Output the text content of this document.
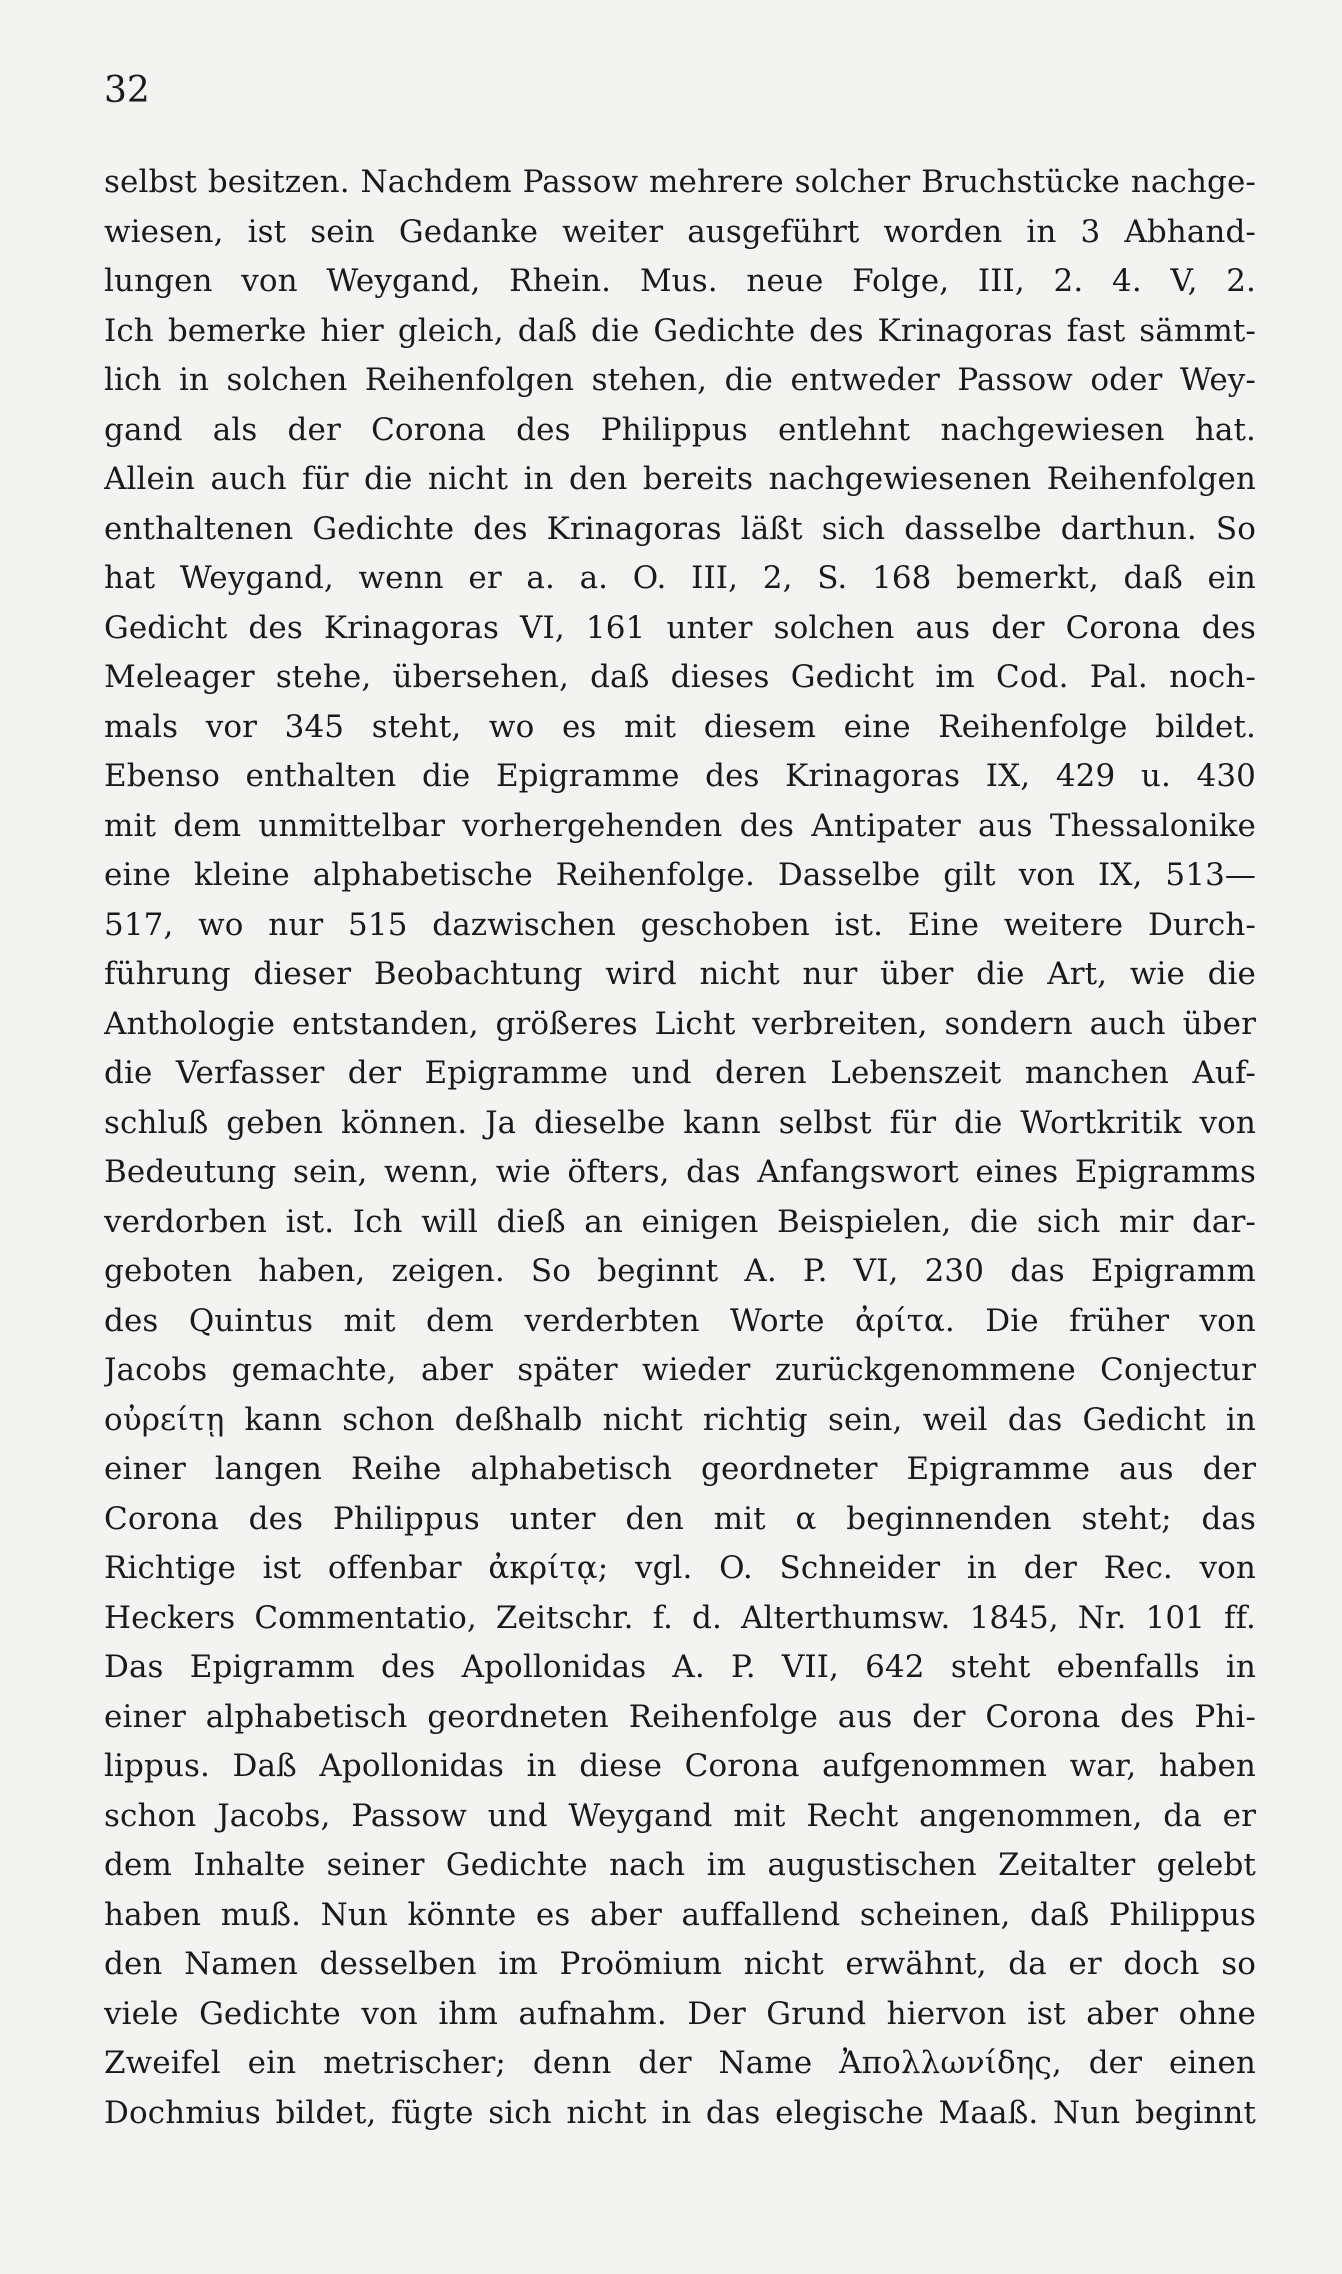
32

selbst besitzen. Nachdem Passow mehrere solcher Bruchstücke nachge-
wiesen, ist sein Gedanke weiter ausgeführt worden in 3 Abhand-
lungen von Weygand, Rhein. Mus. neue Folge, III, 2. 4. V, 2.
Ich bemerke hier gleich, daß die Gedichte des Krinagoras fast sämmt-
lich in solchen Reihenfolgen stehen, die entweder Passow oder Wey-
gand als der Corona des Philippus entlehnt nachgewiesen hat.
Allein auch für die nicht in den bereits nachgewiesenen Reihenfolgen
enthaltenen Gedichte des Krinagoras läßt sich dasselbe darthun. So
hat Weygand, wenn er a. a. O. III, 2, S. 168 bemerkt, daß ein
Gedicht des Krinagoras VI, 161 unter solchen aus der Corona des
Meleager stehe, übersehen, daß dieses Gedicht im Cod. Pal. noch-
mals vor 345 steht, wo es mit diesem eine Reihenfolge bildet.
Ebenso enthalten die Epigramme des Krinagoras IX, 429 u. 430
mit dem unmittelbar vorhergehenden des Antipater aus Thessalonike
eine kleine alphabetische Reihenfolge. Dasselbe gilt von IX, 513—
517, wo nur 515 dazwischen geschoben ist. Eine weitere Durch-
führung dieser Beobachtung wird nicht nur über die Art, wie die
Anthologie entstanden, größeres Licht verbreiten, sondern auch über
die Verfasser der Epigramme und deren Lebenszeit manchen Auf-
schluß geben können. Ja dieselbe kann selbst für die Wortkritik von
Bedeutung sein, wenn, wie öfters, das Anfangswort eines Epigramms
verdorben ist. Ich will dieß an einigen Beispielen, die sich mir dar-
geboten haben, zeigen. So beginnt A. P. VI, 230 das Epigramm
des Quintus mit dem verderbten Worte ἀρίτα. Die früher von
Jacobs gemachte, aber später wieder zurückgenommene Conjectur
οὐρείτῃ kann schon deßhalb nicht richtig sein, weil das Gedicht in
einer langen Reihe alphabetisch geordneter Epigramme aus der
Corona des Philippus unter den mit α beginnenden steht; das
Richtige ist offenbar ἀκρίτᾳ; vgl. O. Schneider in der Rec. von
Heckers Commentatio, Zeitschr. f. d. Alterthumsw. 1845, Nr. 101 ff.
Das Epigramm des Apollonidas A. P. VII, 642 steht ebenfalls in
einer alphabetisch geordneten Reihenfolge aus der Corona des Phi-
lippus. Daß Apollonidas in diese Corona aufgenommen war, haben
schon Jacobs, Passow und Weygand mit Recht angenommen, da er
dem Inhalte seiner Gedichte nach im augustischen Zeitalter gelebt
haben muß. Nun könnte es aber auffallend scheinen, daß Philippus
den Namen desselben im Proömium nicht erwähnt, da er doch so
viele Gedichte von ihm aufnahm. Der Grund hiervon ist aber ohne
Zweifel ein metrischer; denn der Name Ἀπολλωνίδης, der einen
Dochmius bildet, fügte sich nicht in das elegische Maaß. Nun beginnt
